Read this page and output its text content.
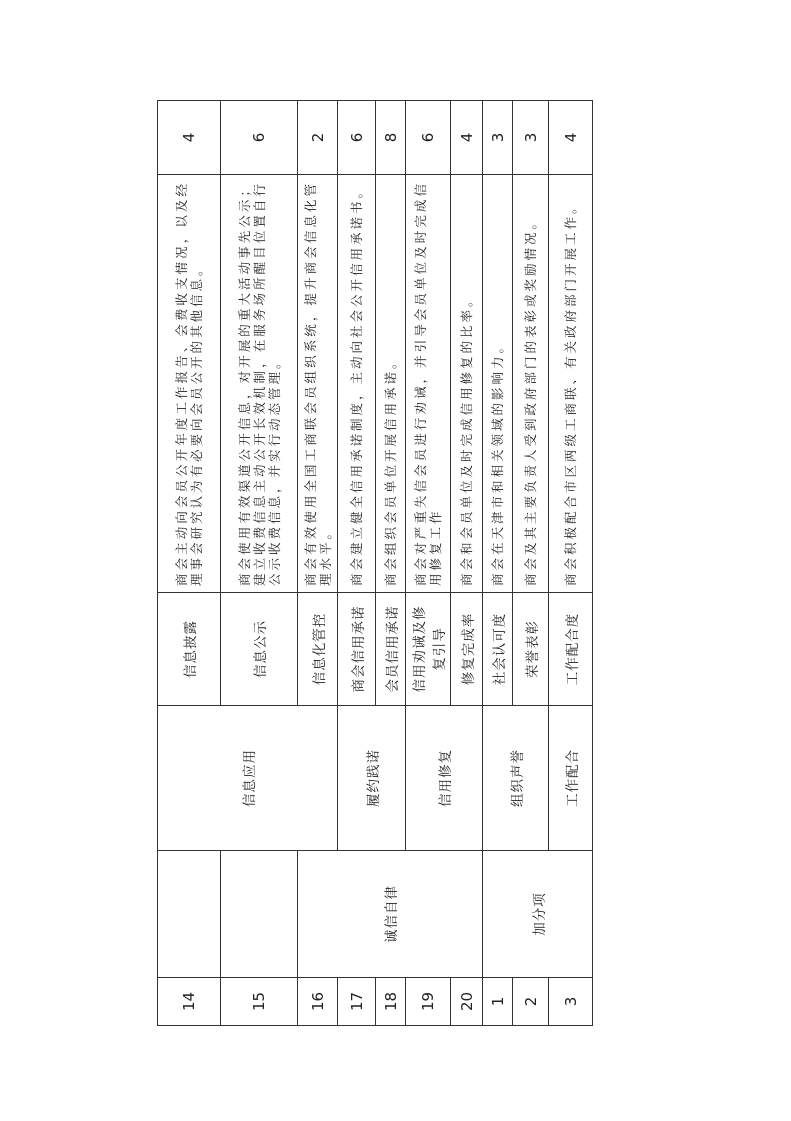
14		信息应用	信息披露	商会主动向会员公开年度工作报告、会费收支情况，以及经理事会研究认为有必要向会员公开的其他信息。	4
15			信息公示	商会使用有效渠道公开信息，对开展的重大活动事先公示；建立收费信息主动公开长效机制，在服务场所醒目位置自行公示收费信息，并实行动态管理。	6
16	诚信自律		信息化管控	商会有效使用全国工商联会员组织系统，提升商会信息化管理水平。	2
17		履约践诺	商会信用承诺	商会建立健全信用承诺制度，主动向社会公开信用承诺书。	6
18			会员信用承诺	商会组织会员单位开展信用承诺。	8
19		信用修复	信用劝诫及修复引导	商会对严重失信会员进行劝诫，并引导会员单位及时完成信用修复工作	6
20			修复完成率	商会和会员单位及时完成信用修复的比率。	4
1	加分项	组织声誉	社会认可度	商会在天津市和相关领域的影响力。	3
2			荣誉表彰	商会及其主要负责人受到政府部门的表彰或奖励情况。	3
3		工作配合	工作配合度	商会积极配合市区两级工商联、有关政府部门开展工作。	4
